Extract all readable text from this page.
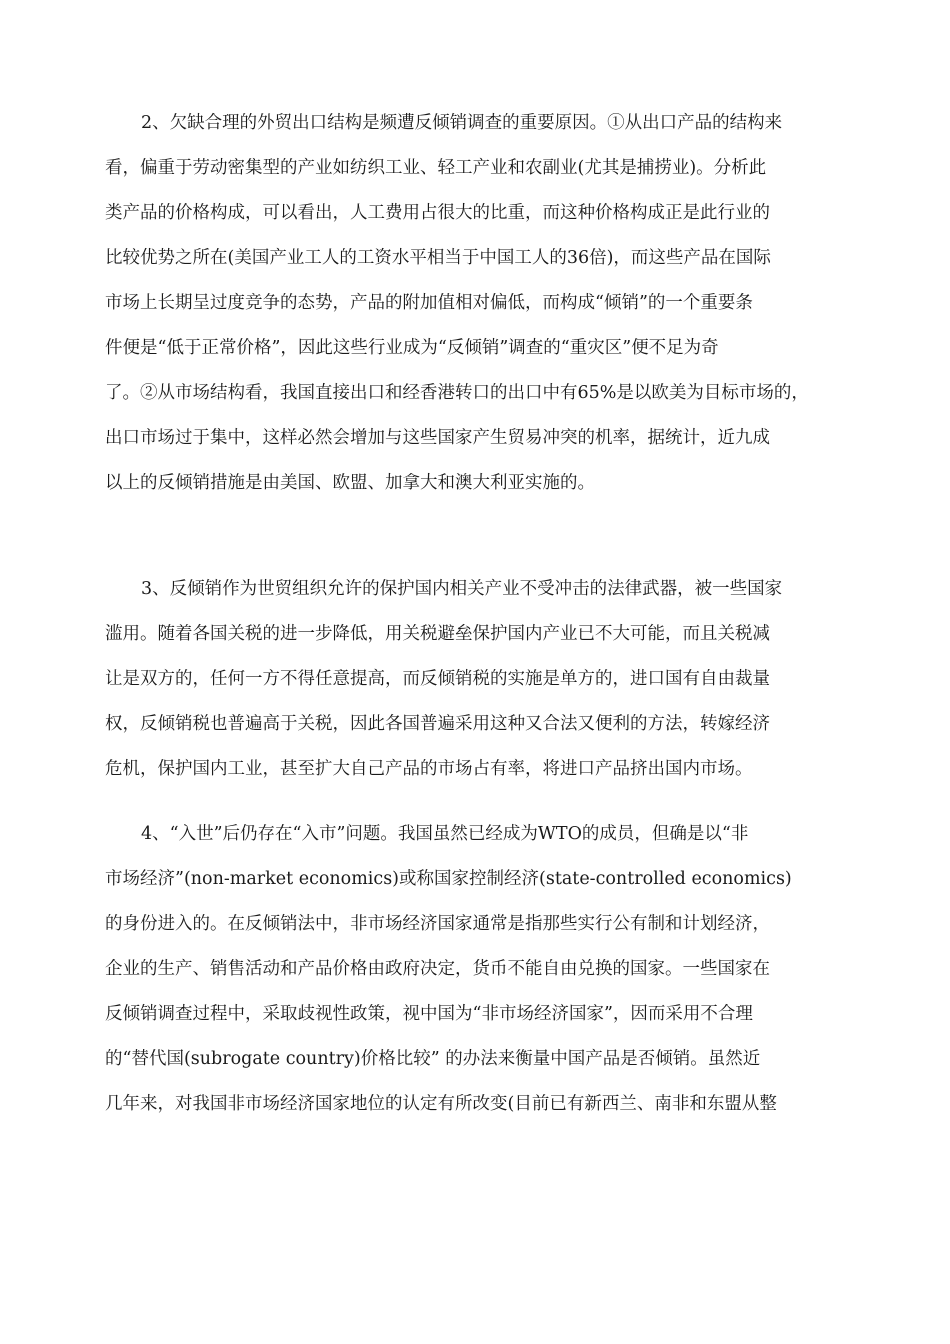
2、欠缺合理的外贸出口结构是频遭反倾销调查的重要原因。①从出口产品的结构来
看，偏重于劳动密集型的产业如纺织工业、轻工产业和农副业(尤其是捕捞业)。分析此
类产品的价格构成，可以看出，人工费用占很大的比重，而这种价格构成正是此行业的
比较优势之所在(美国产业工人的工资水平相当于中国工人的36倍)，而这些产品在国际
市场上长期呈过度竞争的态势，产品的附加值相对偏低，而构成“倾销”的一个重要条
件便是“低于正常价格”，因此这些行业成为“反倾销”调查的“重灾区”便不足为奇
了。②从市场结构看，我国直接出口和经香港转口的出口中有65%是以欧美为目标市场的，
出口市场过于集中，这样必然会增加与这些国家产生贸易冲突的机率，据统计，近九成
以上的反倾销措施是由美国、欧盟、加拿大和澳大利亚实施的。
3、反倾销作为世贸组织允许的保护国内相关产业不受冲击的法律武器，被一些国家
滥用。随着各国关税的进一步降低，用关税避垒保护国内产业已不大可能，而且关税减
让是双方的，任何一方不得任意提高，而反倾销税的实施是单方的，进口国有自由裁量
权，反倾销税也普遍高于关税，因此各国普遍采用这种又合法又便利的方法，转嫁经济
危机，保护国内工业，甚至扩大自己产品的市场占有率，将进口产品挤出国内市场。
4、“入世”后仍存在“入市”问题。我国虽然已经成为WTO的成员，但确是以“非
市场经济”(non-market economics)或称国家控制经济(state-controlled economics)
的身份进入的。在反倾销法中，非市场经济国家通常是指那些实行公有制和计划经济，
企业的生产、销售活动和产品价格由政府决定，货币不能自由兑换的国家。一些国家在
反倾销调查过程中，采取歧视性政策，视中国为“非市场经济国家”，因而采用不合理
的“替代国(subrogate country)价格比较” 的办法来衡量中国产品是否倾销。虽然近
几年来，对我国非市场经济国家地位的认定有所改变(目前已有新西兰、南非和东盟从整
